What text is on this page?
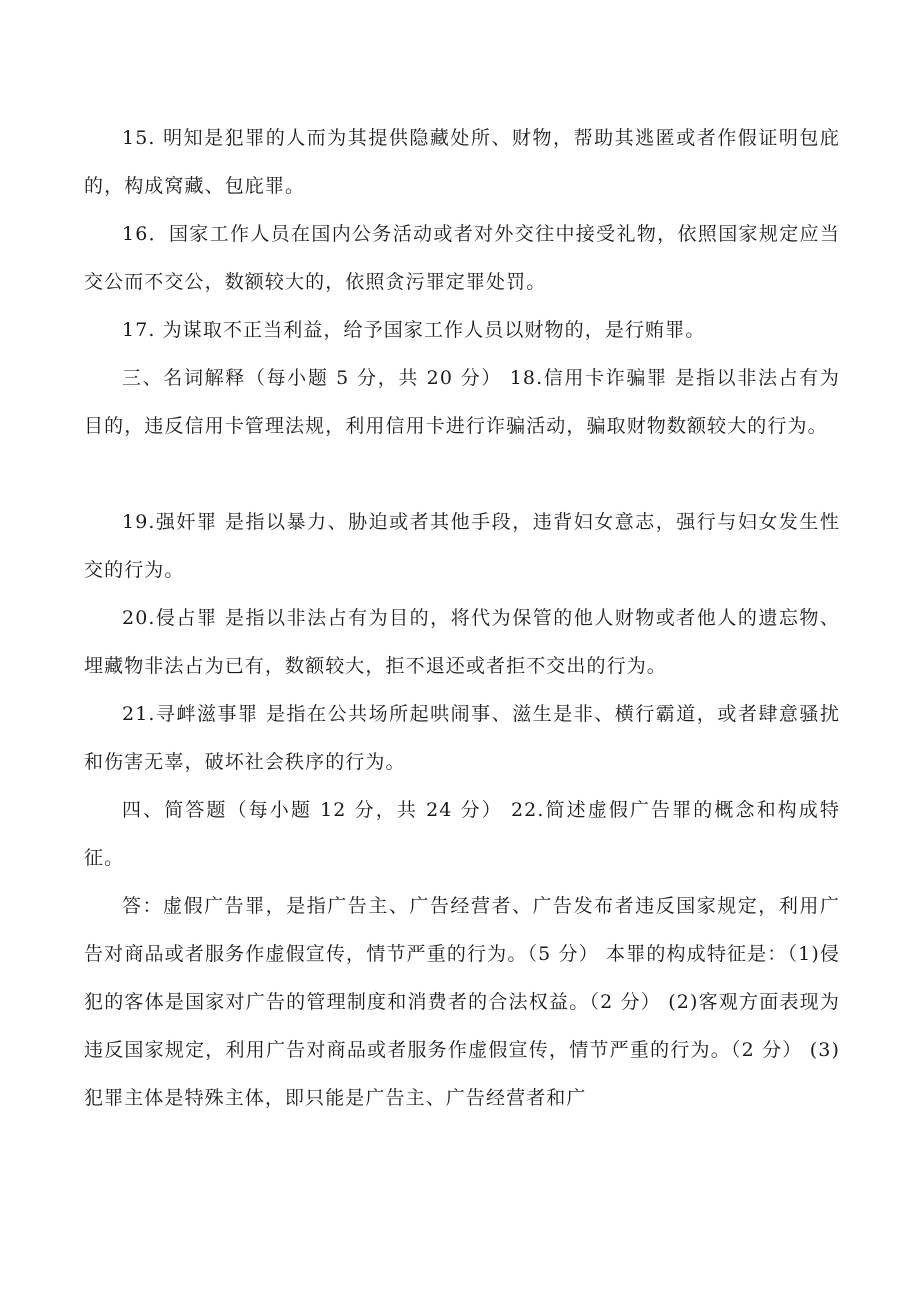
15. 明知是犯罪的人而为其提供隐藏处所、财物，帮助其逃匿或者作假证明包庇的，构成窝藏、包庇罪。

16．国家工作人员在国内公务活动或者对外交往中接受礼物，依照国家规定应当交公而不交公，数额较大的，依照贪污罪定罪处罚。

17. 为谋取不正当利益，给予国家工作人员以财物的，是行贿罪。

三、名词解释（每小题 5 分，共 20 分） 18.信用卡诈骗罪 是指以非法占有为目的，违反信用卡管理法规，利用信用卡进行诈骗活动，骗取财物数额较大的行为。

19.强奸罪 是指以暴力、胁迫或者其他手段，违背妇女意志，强行与妇女发生性交的行为。

20.侵占罪 是指以非法占有为目的，将代为保管的他人财物或者他人的遗忘物、埋藏物非法占为已有，数额较大，拒不退还或者拒不交出的行为。

21.寻衅滋事罪 是指在公共场所起哄闹事、滋生是非、横行霸道，或者肆意骚扰和伤害无辜，破坏社会秩序的行为。

四、简答题（每小题 12 分，共 24 分） 22.简述虚假广告罪的概念和构成特征。

答：虚假广告罪，是指广告主、广告经营者、广告发布者违反国家规定，利用广告对商品或者服务作虚假宣传，情节严重的行为。（5 分） 本罪的构成特征是：（1)侵犯的客体是国家对广告的管理制度和消费者的合法权益。（2 分） (2)客观方面表现为违反国家规定，利用广告对商品或者服务作虚假宣传，情节严重的行为。（2 分） (3)犯罪主体是特殊主体，即只能是广告主、广告经营者和广
